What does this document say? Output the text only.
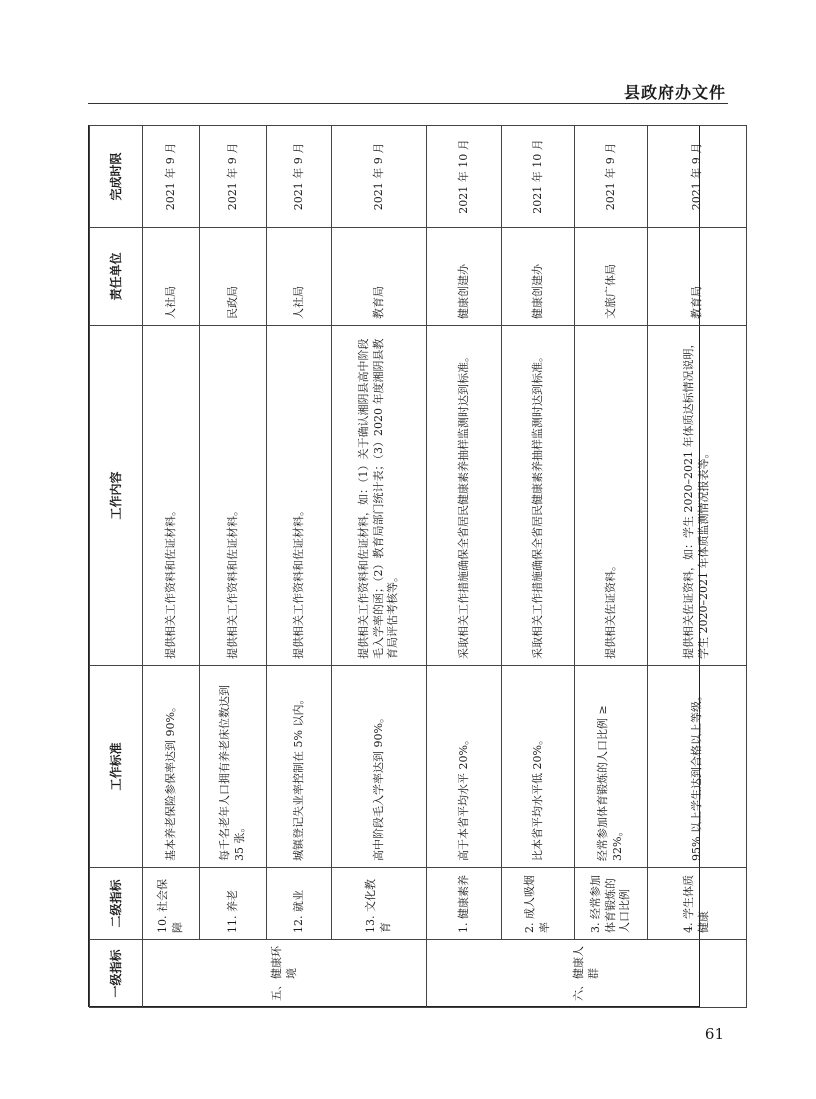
县政府办文件
一级指标	二级指标	工作标准	工作内容	责任单位	完成时限
五、健康环境	10. 社会保障	基本养老保险参保率达到 90%。	提供相关工作资料和佐证材料。	人社局	2021 年 9 月
	11. 养老	每千名老年人口拥有养老床位数达到 35 张。	提供相关工作资料和佐证材料。	民政局	2021 年 9 月
	12. 就业	城镇登记失业率控制在 5% 以内。	提供相关工作资料和佐证材料。	人社局	2021 年 9 月
	13. 文化教育	高中阶段毛入学率达到 90%。	提供相关工作资料和佐证材料，如：（1）关于确认湘阴县高中阶段毛入学率的函；（2）教育局部门统计表；（3）2020 年度湘阴县教育局评估考核等。	教育局	2021 年 9 月
六、健康人群	1. 健康素养	高于本省平均水平 20%。	采取相关工作措施确保全省居民健康素养抽样监测时达到标准。	健康创建办	2021 年 10 月
	2. 成人吸烟率	比本省平均水平低 20%。	采取相关工作措施确保全省居民健康素养抽样监测时达到标准。	健康创建办	2021 年 10 月
	3. 经常参加体育锻炼的人口比例	经常参加体育锻炼的人口比例 ≥ 32%。	提供相关佐证资料。	文旅广体局	2021 年 9 月
	4. 学生体质健康	95% 以上学生达到合格以上等级。	提供相关佐证资料，如：学生 2020–2021 年体质达标情况说明，学生 2020–2021 年体质监测情况报表等。	教育局	2021 年 9 月
61
